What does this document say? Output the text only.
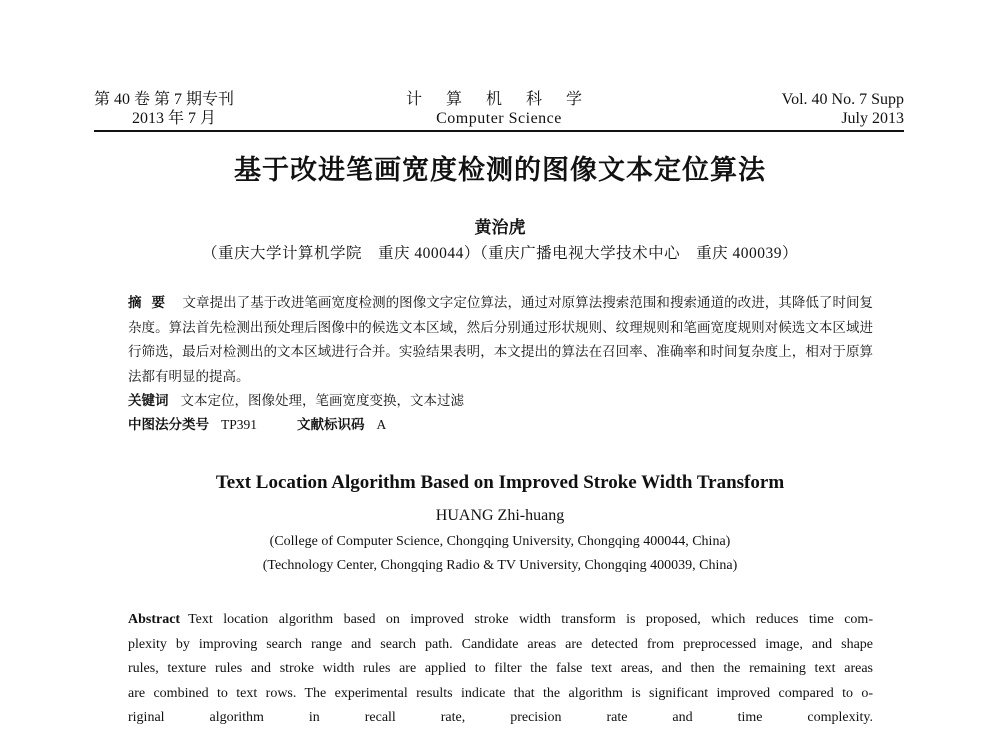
计 算 机 科 学
Computer Science
第 40 卷 第 7 期专刊
2013 年 7 月
Vol. 40 No. 7 Supp
July 2013
基于改进笔画宽度检测的图像文本定位算法
黄治虎
（重庆大学计算机学院　重庆 400044）（重庆广播电视大学技术中心　重庆 400039）

摘要 文章提出了基于改进笔画宽度检测的图像文字定位算法，通过对原算法搜索范围和搜索通道的改进，其降低了时间复杂度。算法首先检测出预处理后图像中的候选文本区域，然后分别通过形状规则、纹理规则和笔画宽度规则对候选文本区域进行筛选，最后对检测出的文本区域进行合并。实验结果表明，本文提出的算法在召回率、准确率和时间复杂度上，相对于原算法都有明显的提高。

关键词 文本定位，图像处理，笔画宽度变换，文本过滤

中图法分类号 TP391	文献标识码 A

Text Location Algorithm Based on Improved Stroke Width Transform
HUANG Zhi-huang
(College of Computer Science, Chongqing University, Chongqing 400044, China)
(Technology Center, Chongqing Radio & TV University, Chongqing 400039, China)
Abstract Text location algorithm based on improved stroke width transform is proposed, which reduces time com-
plexity by improving search range and search path. Candidate areas are detected from preprocessed image, and shape
rules, texture rules and stroke width rules are applied to filter the false text areas, and then the remaining text areas
are combined to text rows. The experimental results indicate that the algorithm is significant improved compared to o-
riginal algorithm in recall rate, precision rate and time complexity.
